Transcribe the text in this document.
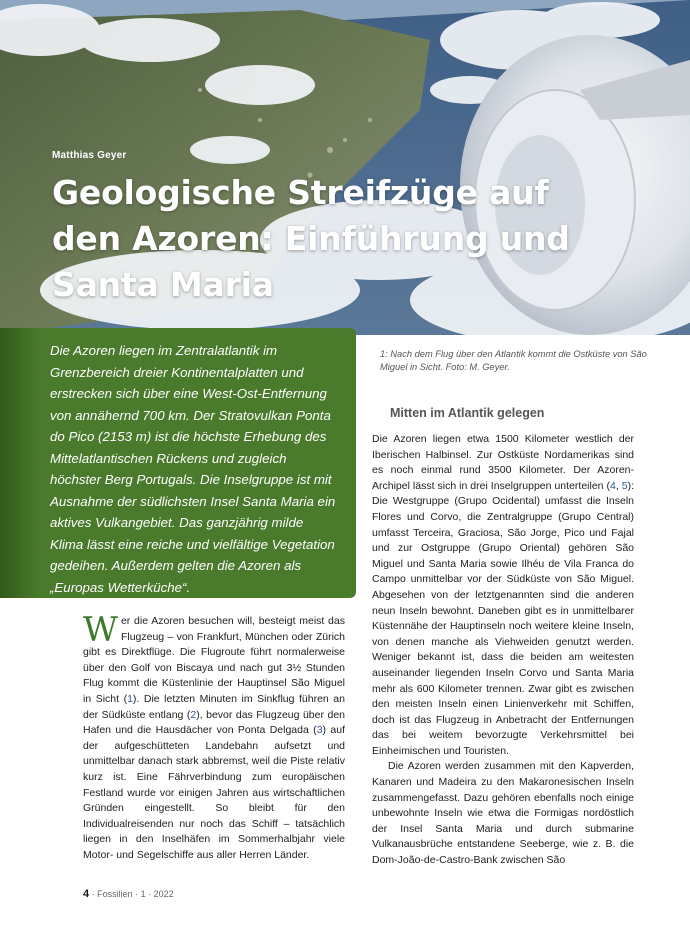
Matthias Geyer
Geologische Streifzüge auf den Azoren: Einführung und Santa Maria

Die Azoren liegen im Zentralatlantik im Grenzbereich dreier Kontinentalplatten und erstrecken sich über eine West-Ost-Entfernung von annähernd 700 km. Der Stratovulkan Ponta do Pico (2153 m) ist die höchste Erhebung des Mittelatlantischen Rückens und zugleich höchster Berg Portugals. Die Inselgruppe ist mit Ausnahme der südlichsten Insel Santa Maria ein aktives Vulkangebiet. Das ganzjährig milde Klima lässt eine reiche und vielfältige Vegetation gedeihen. Außerdem gelten die Azoren als „Europas Wetterküche“.

1: Nach dem Flug über den Atlantik kommt die Ostküste von São Miguel in Sicht. Foto: M. Geyer.
Mitten im Atlantik gelegen

Wer die Azoren besuchen will, besteigt meist das Flugzeug – von Frankfurt, München oder Zürich gibt es Direktflüge. Die Flugroute führt normalerweise über den Golf von Biscaya und nach gut 3½ Stunden Flug kommt die Küstenlinie der Hauptinsel São Miguel in Sicht (1). Die letzten Minuten im Sinkflug führen an der Südküste entlang (2), bevor das Flugzeug über den Hafen und die Hausdächer von Ponta Delgada (3) auf der aufgeschütteten Landebahn aufsetzt und unmittelbar danach stark abbremst, weil die Piste relativ kurz ist. Eine Fährverbindung zum europäischen Festland wurde vor einigen Jahren aus wirtschaftlichen Gründen eingestellt. So bleibt für den Individualreisenden nur noch das Schiff – tatsächlich liegen in den Inselhäfen im Sommerhalbjahr viele Motor- und Segelschiffe aus aller Herren Länder.

Die Azoren liegen etwa 1500 Kilometer westlich der Iberischen Halbinsel. Zur Ostküste Nordamerikas sind es noch einmal rund 3500 Kilometer. Der Azoren-Archipel lässt sich in drei Inselgruppen unterteilen (4, 5): Die Westgruppe (Grupo Ocidental) umfasst die Inseln Flores und Corvo, die Zentralgruppe (Grupo Central) umfasst Terceira, Graciosa, São Jorge, Pico und Fajal und zur Ostgruppe (Grupo Oriental) gehören São Miguel und Santa Maria sowie Ilhéu de Vila Franca do Campo unmittelbar vor der Südküste von São Miguel. Abgesehen von der letztgenannten sind die anderen neun Inseln bewohnt. Daneben gibt es in unmittelbarer Küstennähe der Hauptinseln noch weitere kleine Inseln, von denen manche als Viehweiden genutzt werden. Weniger bekannt ist, dass die beiden am weitesten auseinander liegenden Inseln Corvo und Santa Maria mehr als 600 Kilometer trennen. Zwar gibt es zwischen den meisten Inseln einen Linienverkehr mit Schiffen, doch ist das Flugzeug in Anbetracht der Entfernungen das bei weitem bevorzugte Verkehrsmittel bei Einheimischen und Touristen.

Die Azoren werden zusammen mit den Kapverden, Kanaren und Madeira zu den Makaronesischen Inseln zusammengefasst. Dazu gehören ebenfalls noch einige unbewohnte Inseln wie etwa die Formigas nordöstlich der Insel Santa Maria und durch submarine Vulkanausbrüche entstandene Seeberge, wie z. B. die Dom-João-de-Castro-Bank zwischen São

4 · Fossilien · 1 · 2022
